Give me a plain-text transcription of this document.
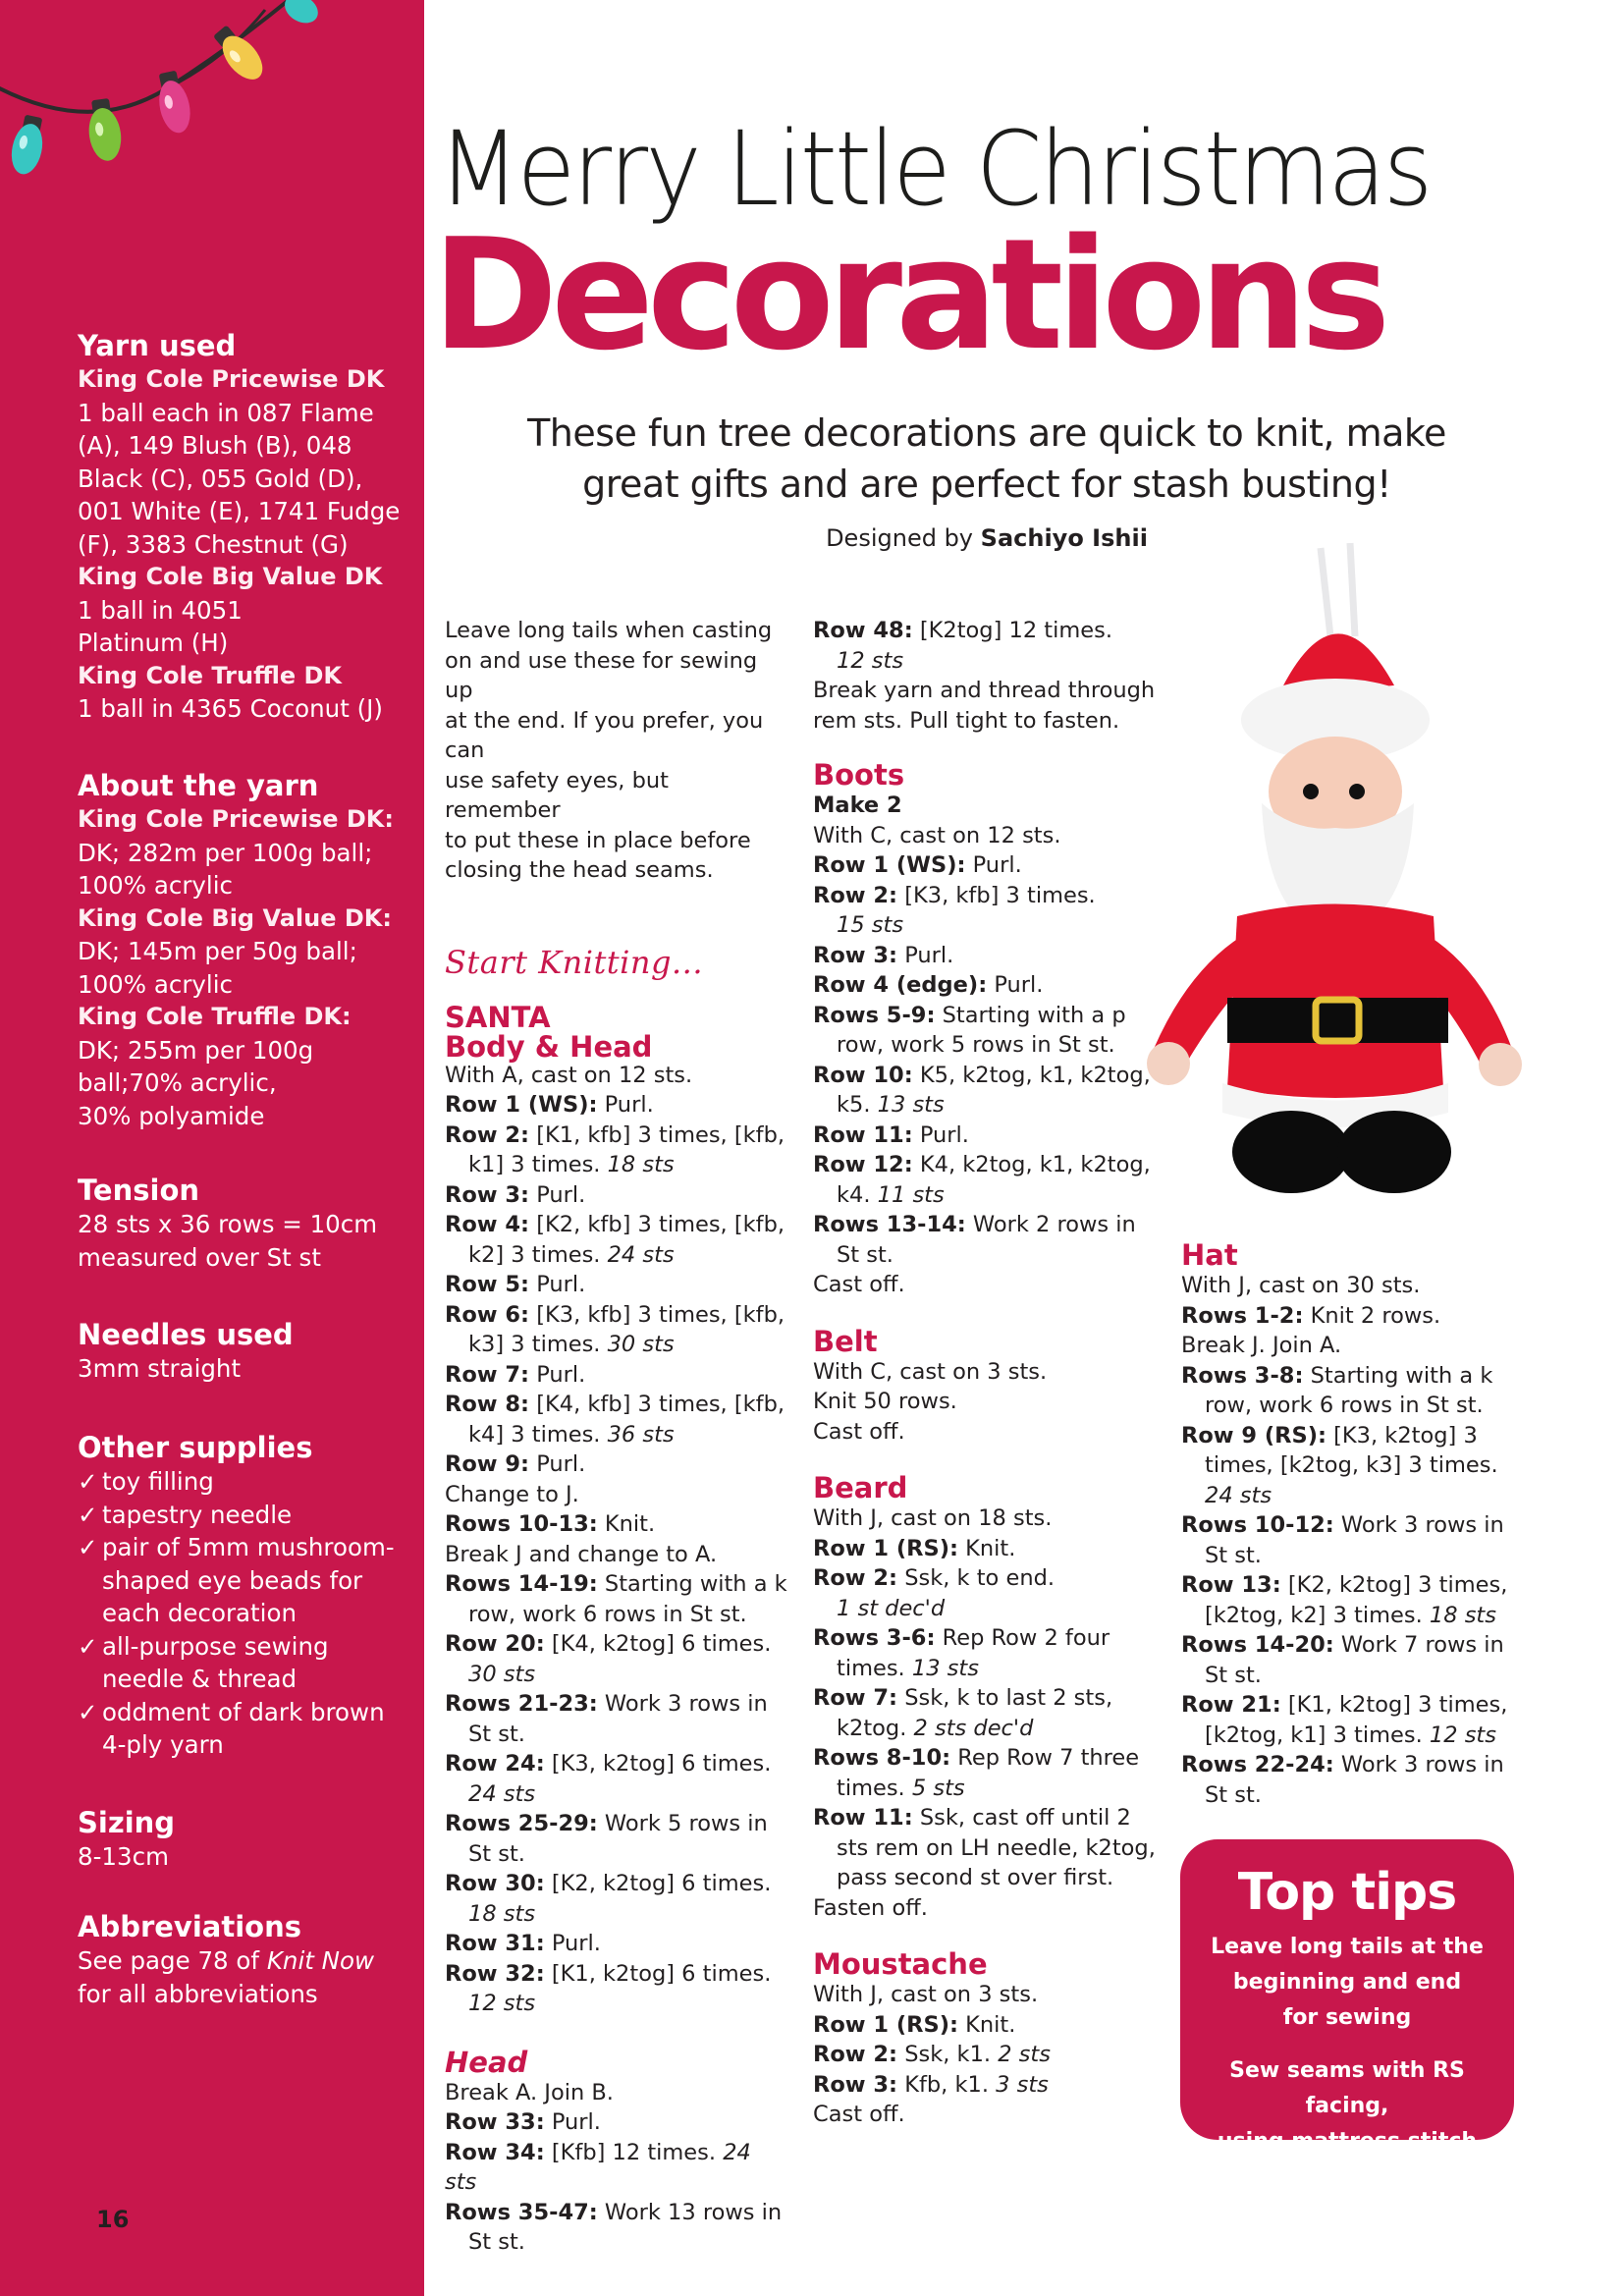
Yarn used

King Cole Pricewise DK

1 ball each in 087 Flame

(A), 149 Blush (B), 048

Black (C), 055 Gold (D),

001 White (E), 1741 Fudge

(F), 3383 Chestnut (G)

King Cole Big Value DK

1 ball in 4051

Platinum (H)

King Cole Truffle DK

1 ball in 4365 Coconut (J)

About the yarn

King Cole Pricewise DK:

DK; 282m per 100g ball;

100% acrylic

King Cole Big Value DK:

DK; 145m per 50g ball;

100% acrylic

King Cole Truffle DK:

DK; 255m per 100g

ball;70% acrylic,

30% polyamide

Tension

28 sts x 36 rows = 10cm

measured over St st

Needles used

3mm straight

Other supplies

✓ toy filling
✓ tapestry needle
✓ pair of 5mm mushroom-
shaped eye beads for
each decoration
✓ all-purpose sewing
needle & thread
✓ oddment of dark brown
4-ply yarn

Sizing

8-13cm

Abbreviations

See page 78 of Knit Now

for all abbreviations

16
Merry Little Christmas
Decorations

These fun tree decorations are quick to knit, make
great gifts and are perfect for stash busting!

Designed by Sachiyo Ishii

Leave long tails when casting

on and use these for sewing up

at the end. If you prefer, you can

use safety eyes, but remember

to put these in place before

closing the head seams.

Start Knitting...

SANTA

Body & Head

With A, cast on 12 sts.

Row 1 (WS): Purl.

Row 2: [K1, kfb] 3 times, [kfb,

k1] 3 times. 18 sts

Row 3: Purl.

Row 4: [K2, kfb] 3 times, [kfb,

k2] 3 times. 24 sts

Row 5: Purl.

Row 6: [K3, kfb] 3 times, [kfb,

k3] 3 times. 30 sts

Row 7: Purl.

Row 8: [K4, kfb] 3 times, [kfb,

k4] 3 times. 36 sts

Row 9: Purl.

Change to J.

Rows 10-13: Knit.

Break J and change to A.

Rows 14-19: Starting with a k

row, work 6 rows in St st.

Row 20: [K4, k2tog] 6 times.

30 sts

Rows 21-23: Work 3 rows in

St st.

Row 24: [K3, k2tog] 6 times.

24 sts

Rows 25-29: Work 5 rows in

St st.

Row 30: [K2, k2tog] 6 times.

18 sts

Row 31: Purl.

Row 32: [K1, k2tog] 6 times.

12 sts

Head

Break A. Join B.

Row 33: Purl.

Row 34: [Kfb] 12 times. 24 sts

Rows 35-47: Work 13 rows in

St st.

Row 48: [K2tog] 12 times.

12 sts

Break yarn and thread through

rem sts. Pull tight to fasten.

Boots

Make 2

With C, cast on 12 sts.

Row 1 (WS): Purl.

Row 2: [K3, kfb] 3 times.

15 sts

Row 3: Purl.

Row 4 (edge): Purl.

Rows 5-9: Starting with a p

row, work 5 rows in St st.

Row 10: K5, k2tog, k1, k2tog,

k5. 13 sts

Row 11: Purl.

Row 12: K4, k2tog, k1, k2tog,

k4. 11 sts

Rows 13-14: Work 2 rows in

St st.

Cast off.

Belt

With C, cast on 3 sts.

Knit 50 rows.

Cast off.

Beard

With J, cast on 18 sts.

Row 1 (RS): Knit.

Row 2: Ssk, k to end.

1 st dec'd

Rows 3-6: Rep Row 2 four

times. 13 sts

Row 7: Ssk, k to last 2 sts,

k2tog. 2 sts dec'd

Rows 8-10: Rep Row 7 three

times. 5 sts

Row 11: Ssk, cast off until 2

sts rem on LH needle, k2tog,

pass second st over first.

Fasten off.

Moustache

With J, cast on 3 sts.

Row 1 (RS): Knit.

Row 2: Ssk, k1. 2 sts

Row 3: Kfb, k1. 3 sts

Cast off.

Hat

With J, cast on 30 sts.

Rows 1-2: Knit 2 rows.

Break J. Join A.

Rows 3-8: Starting with a k

row, work 6 rows in St st.

Row 9 (RS): [K3, k2tog] 3

times, [k2tog, k3] 3 times.

24 sts

Rows 10-12: Work 3 rows in

St st.

Row 13: [K2, k2tog] 3 times,

[k2tog, k2] 3 times. 18 sts

Rows 14-20: Work 7 rows in

St st.

Row 21: [K1, k2tog] 3 times,

[k2tog, k1] 3 times. 12 sts

Rows 22-24: Work 3 rows in

St st.

Top tips

Leave long tails at the
beginning and end
for sewing

Sew seams with RS facing,
using mattress stitch
